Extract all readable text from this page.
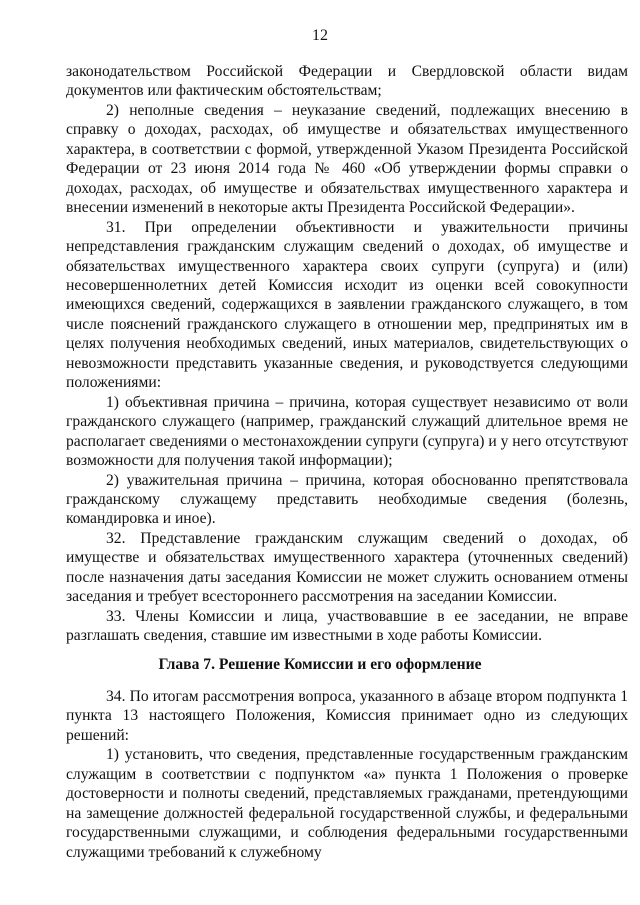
12

законодательством Российской Федерации и Свердловской области видам документов или фактическим обстоятельствам;

2) неполные сведения – неуказание сведений, подлежащих внесению в справку о доходах, расходах, об имуществе и обязательствах имущественного характера, в соответствии с формой, утвержденной Указом Президента Российской Федерации от 23 июня 2014 года № 460 «Об утверждении формы справки о доходах, расходах, об имуществе и обязательствах имущественного характера и внесении изменений в некоторые акты Президента Российской Федерации».

31. При определении объективности и уважительности причины непредставления гражданским служащим сведений о доходах, об имуществе и обязательствах имущественного характера своих супруги (супруга) и (или) несовершеннолетних детей Комиссия исходит из оценки всей совокупности имеющихся сведений, содержащихся в заявлении гражданского служащего, в том числе пояснений гражданского служащего в отношении мер, предпринятых им в целях получения необходимых сведений, иных материалов, свидетельствующих о невозможности представить указанные сведения, и руководствуется следующими положениями:

1) объективная причина – причина, которая существует независимо от воли гражданского служащего (например, гражданский служащий длительное время не располагает сведениями о местонахождении супруги (супруга) и у него отсутствуют возможности для получения такой информации);

2) уважительная причина – причина, которая обоснованно препятствовала гражданскому служащему представить необходимые сведения (болезнь, командировка и иное).

32. Представление гражданским служащим сведений о доходах, об имуществе и обязательствах имущественного характера (уточненных сведений) после назначения даты заседания Комиссии не может служить основанием отмены заседания и требует всестороннего рассмотрения на заседании Комиссии.

33. Члены Комиссии и лица, участвовавшие в ее заседании, не вправе разглашать сведения, ставшие им известными в ходе работы Комиссии.

Глава 7. Решение Комиссии и его оформление

34. По итогам рассмотрения вопроса, указанного в абзаце втором подпункта 1 пункта 13 настоящего Положения, Комиссия принимает одно из следующих решений:

1) установить, что сведения, представленные государственным гражданским служащим в соответствии с подпунктом «а» пункта 1 Положения о проверке достоверности и полноты сведений, представляемых гражданами, претендующими на замещение должностей федеральной государственной службы, и федеральными государственными служащими, и соблюдения федеральными государственными служащими требований к служебному
